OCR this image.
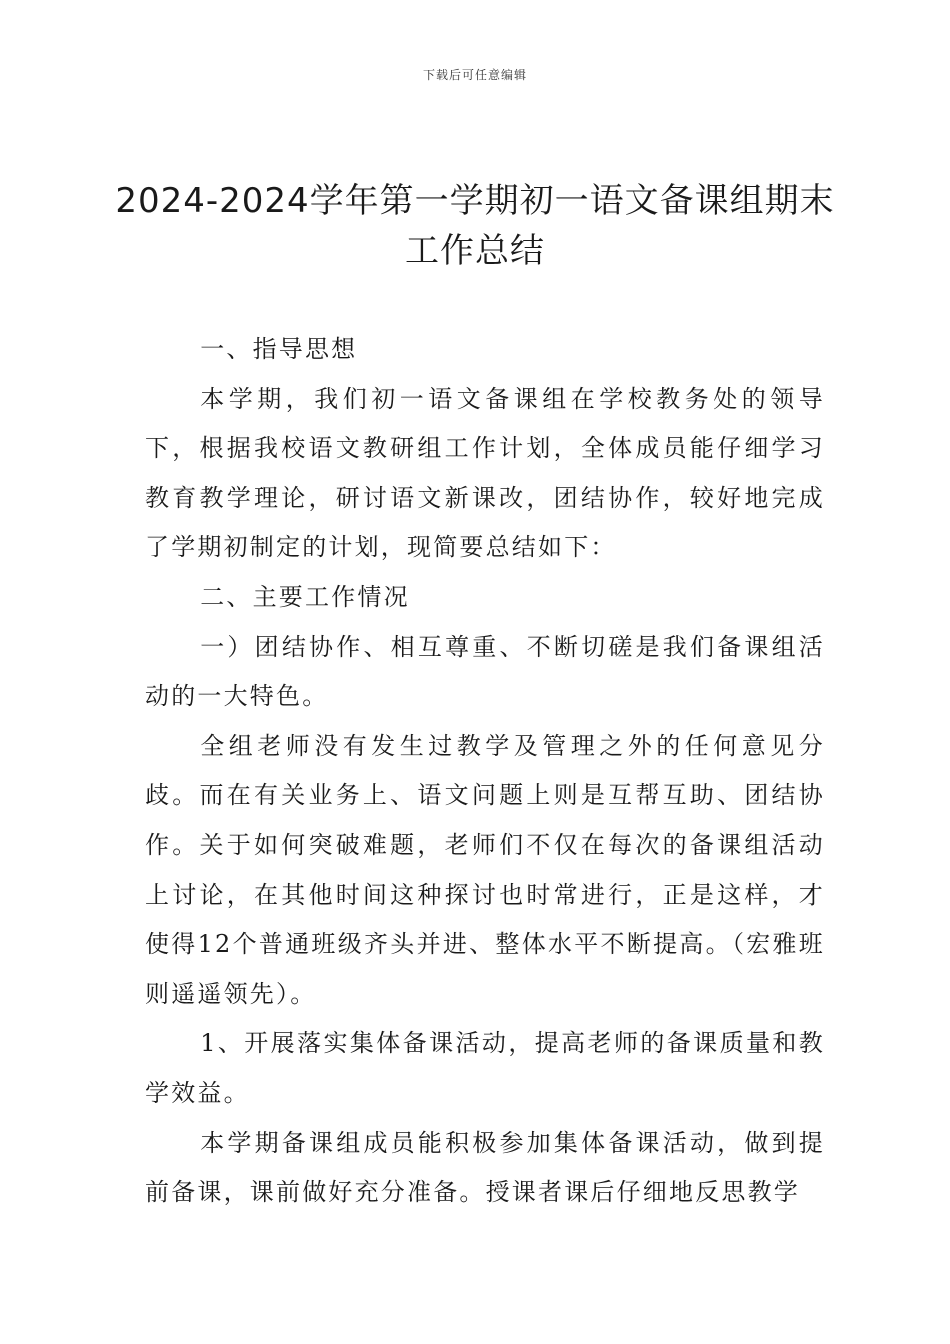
下载后可任意编辑
2024-2024学年第一学期初一语文备课组期末工作总结

一、指导思想

本学期，我们初一语文备课组在学校教务处的领导下，根据我校语文教研组工作计划，全体成员能仔细学习教育教学理论，研讨语文新课改，团结协作，较好地完成了学期初制定的计划，现简要总结如下：

二、主要工作情况

一）团结协作、相互尊重、不断切磋是我们备课组活动的一大特色。

全组老师没有发生过教学及管理之外的任何意见分歧。而在有关业务上、语文问题上则是互帮互助、团结协作。关于如何突破难题，老师们不仅在每次的备课组活动上讨论，在其他时间这种探讨也时常进行，正是这样，才使得12个普通班级齐头并进、整体水平不断提高。（宏雅班则遥遥领先）。

1、开展落实集体备课活动，提高老师的备课质量和教学效益。

本学期备课组成员能积极参加集体备课活动，做到提前备课，课前做好充分准备。授课者课后仔细地反思教学
